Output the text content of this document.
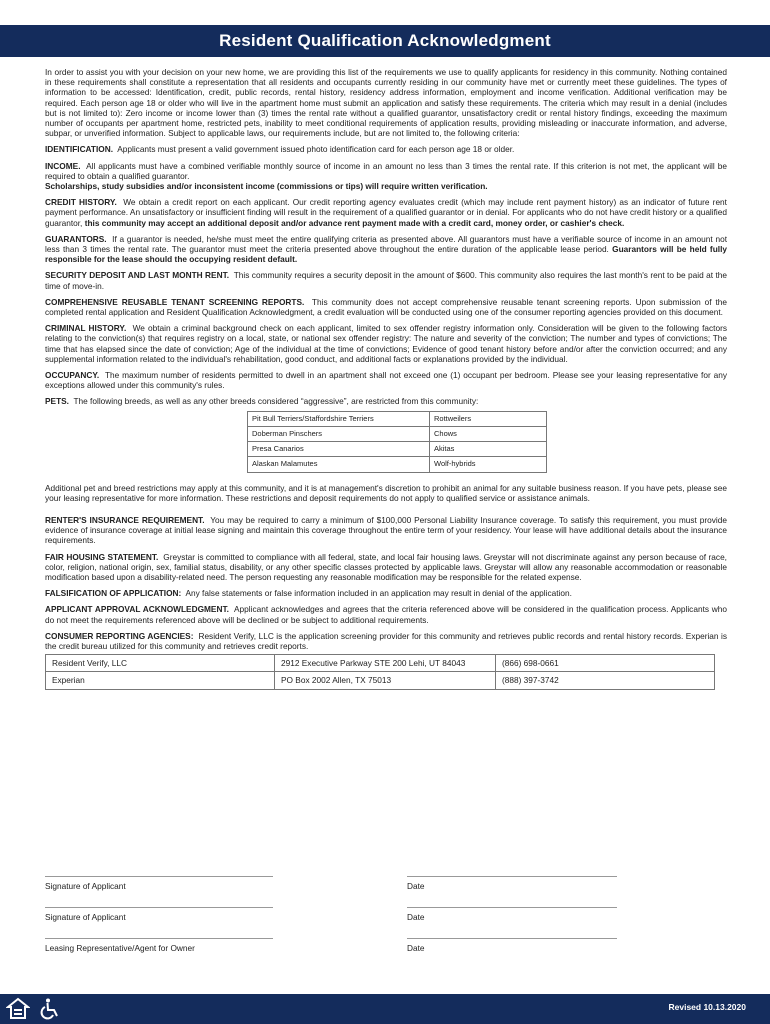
Resident Qualification Acknowledgment

In order to assist you with your decision on your new home, we are providing this list of the requirements we use to qualify applicants for residency in this community. Nothing contained in these requirements shall constitute a representation that all residents and occupants currently residing in our community have met or currently meet these guidelines. The types of information to be accessed: Identification, credit, public records, rental history, residency address information, employment and income verification. Additional verification may be required. Each person age 18 or older who will live in the apartment home must submit an application and satisfy these requirements. The criteria which may result in a denial (includes but is not limited to): Zero income or income lower than (3) times the rental rate without a qualified guarantor, unsatisfactory credit or rental history findings, exceeding the maximum number of occupants per apartment home, restricted pets, inability to meet conditional requirements of application results, providing misleading or inaccurate information, and adverse, subpar, or unverified information. Subject to applicable laws, our requirements include, but are not limited to, the following criteria:

IDENTIFICATION. Applicants must present a valid government issued photo identification card for each person age 18 or older.

INCOME. All applicants must have a combined verifiable monthly source of income in an amount no less than 3 times the rental rate. If this criterion is not met, the applicant will be required to obtain a qualified guarantor.
Scholarships, study subsidies and/or inconsistent income (commissions or tips) will require written verification.

CREDIT HISTORY. We obtain a credit report on each applicant. Our credit reporting agency evaluates credit (which may include rent payment history) as an indicator of future rent payment performance. An unsatisfactory or insufficient finding will result in the requirement of a qualified guarantor or in denial. For applicants who do not have credit history or a qualified guarantor, this community may accept an additional deposit and/or advance rent payment made with a credit card, money order, or cashier's check.

GUARANTORS. If a guarantor is needed, he/she must meet the entire qualifying criteria as presented above. All guarantors must have a verifiable source of income in an amount not less than 3 times the rental rate. The guarantor must meet the criteria presented above throughout the entire duration of the applicable lease period. Guarantors will be held fully responsible for the lease should the occupying resident default.

SECURITY DEPOSIT AND LAST MONTH RENT. This community requires a security deposit in the amount of $600. This community also requires the last month's rent to be paid at the time of move-in.

COMPREHENSIVE REUSABLE TENANT SCREENING REPORTS. This community does not accept comprehensive reusable tenant screening reports. Upon submission of the completed rental application and Resident Qualification Acknowledgment, a credit evaluation will be conducted using one of the consumer reporting agencies provided on this document.

CRIMINAL HISTORY. We obtain a criminal background check on each applicant, limited to sex offender registry information only. Consideration will be given to the following factors relating to the conviction(s) that requires registry on a local, state, or national sex offender registry: The nature and severity of the conviction; The number and types of convictions; The time that has elapsed since the date of conviction; Age of the individual at the time of convictions; Evidence of good tenant history before and/or after the conviction occurred; and any supplemental information related to the individual's rehabilitation, good conduct, and additional facts or explanations provided by the individual.

OCCUPANCY. The maximum number of residents permitted to dwell in an apartment shall not exceed one (1) occupant per bedroom. Please see your leasing representative for any exceptions allowed under this community's rules.

PETS. The following breeds, as well as any other breeds considered “aggressive”, are restricted from this community:

Pit Bull Terriers/Staffordshire Terriers	Rottweilers
Doberman Pinschers	Chows
Presa Canarios	Akitas
Alaskan Malamutes	Wolf-hybrids

Additional pet and breed restrictions may apply at this community, and it is at management's discretion to prohibit an animal for any suitable business reason. If you have pets, please see your leasing representative for more information. These restrictions and deposit requirements do not apply to qualified service or assistance animals.

RENTER'S INSURANCE REQUIREMENT. You may be required to carry a minimum of $100,000 Personal Liability Insurance coverage. To satisfy this requirement, you must provide evidence of insurance coverage at initial lease signing and maintain this coverage throughout the entire term of your residency. Your lease will have additional details about the insurance requirements.

FAIR HOUSING STATEMENT. Greystar is committed to compliance with all federal, state, and local fair housing laws. Greystar will not discriminate against any person because of race, color, religion, national origin, sex, familial status, disability, or any other specific classes protected by applicable laws. Greystar will allow any reasonable accommodation or reasonable modification based upon a disability-related need. The person requesting any reasonable modification may be responsible for the related expense.

FALSIFICATION OF APPLICATION: Any false statements or false information included in an application may result in denial of the application.

APPLICANT APPROVAL ACKNOWLEDGMENT. Applicant acknowledges and agrees that the criteria referenced above will be considered in the qualification process. Applicants who do not meet the requirements referenced above will be declined or be subject to additional requirements.

CONSUMER REPORTING AGENCIES: Resident Verify, LLC is the application screening provider for this community and retrieves public records and rental history records. Experian is the credit bureau utilized for this community and retrieves credit reports.

Resident Verify, LLC	2912 Executive Parkway STE 200 Lehi, UT 84043	(866) 698-0661
Experian	PO Box 2002 Allen, TX 75013	(888) 397-3742
Signature of Applicant	Date
Signature of Applicant	Date
Leasing Representative/Agent for Owner	Date
Revised 10.13.2020
